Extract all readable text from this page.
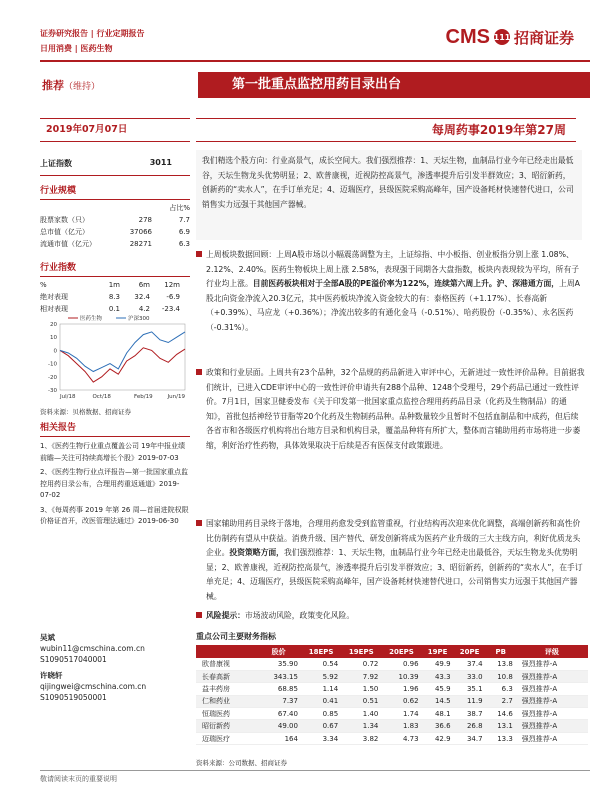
证券研究报告 | 行业定期报告
日用消费 | 医药生物
CMS 111 招商证券
推荐（维持）	第一批重点监控用药目录出台
2019年07月07日	每周药事2019年第27周
上证指数	3011
行业规模
占比%
股票家数（只）	278	7.7
总市值（亿元）	37066	6.9
流通市值（亿元）	28271	6.3
行业指数
%	1m	6m	12m
绝对表现	8.3	32.4	-6.9
相对表现	0.1	4.2	-23.4
20
10
0
-10
-20
-30
Jul/18	Oct/18	Feb/19	Jun/19
医药生物	沪深300
资料来源：贝格数据、招商证券
相关报告
1、《医药生物行业重点覆盖公司 19年中报业绩前瞻—关注可持续高增长个股》2019-07-03
2、《医药生物行业点评报告—第一批国家重点监控用药目录公布，合理用药重返通道》2019-07-02
3、《每周药事 2019 年第 26 周—首届进院权限价格证首开，改医管理法通过》2019-06-30
吴斌
wubin11@cmschina.com.cn
S1090517040001
许晓轩
qijingwei@cmschina.com.cn
S1090519050001
我们精选个股方向：行业高景气，成长空间大。我们强烈推荐：1、天坛生物，血制品行业今年已经走出最低谷，天坛生物龙头优势明显；2、欧普康视，近视防控高景气，渗透率提升后引发半群效应；3、昭衍新药，创新药的“卖水人”，在手订单充足；4、迈瑞医疗，县级医院采购高峰年，国产设备耗材快速替代进口，公司销售实力远强于其他国产器械。
上周板块数据回顾：上周A股市场以小幅震荡调整为主，上证综指、中小板指、创业板指分别上涨 1.08%、2.12%、2.40%。医药生物板块上周上涨 2.58%，表现强于同期各大盘指数，板块内表现较为平均，所有子行业均上涨。目前医药板块相对于全部A股的PE溢价率为122%，连续第六周上升。沪、深港通方面，上周A股北向资金净流入20.3亿元，其中医药板块净流入资金较大的有：泰格医药（+1.17%）、长春高新（+0.39%）、马应龙（+0.36%）；净流出较多的有通化金马（-0.51%）、哈药股份（-0.35%）、永名医药（-0.31%）。
政策和行业层面。上周共有23个品种，32个品规的药品新进入审评中心，无新进过一致性评价品种。目前据我们统计，已进入CDE审评中心的一致性评价申请共有288个品种、1248个受理号，29个药品已通过一致性评价。7月1日，国家卫健委发布《关于印发第一批国家重点监控合理用药药品目录（化药及生物制品）的通知》，首批包括神经节苷脂等20个化药及生物制药品种。品种数量较少且暂时不包括血制品和中成药，但后续各省市和各级医疗机构将出台地方目录和机构目录，覆盖品种将有所扩大，整体而言辅助用药市场将进一步萎缩，利好治疗性药物，具体效果取决于后续是否有医保支付政策跟进。
国家辅助用药目录终于落地，合理用药愈发受到监管重视，行业结构再次迎来优化调整，高端创新药和高性价比仿制药有望从中获益。消费升级、国产替代、研发创新将成为医药产业升级的三大主线方向，利好优质龙头企业。投资策略方面，我们强烈推荐：1、天坛生物，血制品行业今年已经走出最低谷，天坛生物龙头优势明显；2、欧普康视，近视防控高景气，渗透率提升后引发半群效应；3、昭衍新药，创新药的“卖水人”，在手订单充足；4、迈瑞医疗，县级医院采购高峰年，国产设备耗材快速替代进口，公司销售实力远强于其他国产器械。
风险提示：市场波动风险，政策变化风险。
重点公司主要财务指标
	股价	18EPS	19EPS	20EPS	19PE	20PE	PB	评级
欧普康视	35.90	0.54	0.72	0.96	49.9	37.4	13.8	强烈推荐-A
长春高新	343.15	5.92	7.92	10.39	43.3	33.0	10.8	强烈推荐-A
益丰药房	68.85	1.14	1.50	1.96	45.9	35.1	6.3	强烈推荐-A
仁和药业	7.37	0.41	0.51	0.62	14.5	11.9	2.7	强烈推荐-A
恒瑞医药	67.40	0.85	1.40	1.74	48.1	38.7	14.6	强烈推荐-A
昭衍新药	49.00	0.67	1.34	1.83	36.6	26.8	13.1	强烈推荐-A
迈瑞医疗	164	3.34	3.82	4.73	42.9	34.7	13.3	强烈推荐-A
资料来源：公司数据、招商证券
敬请阅读末页的重要说明
